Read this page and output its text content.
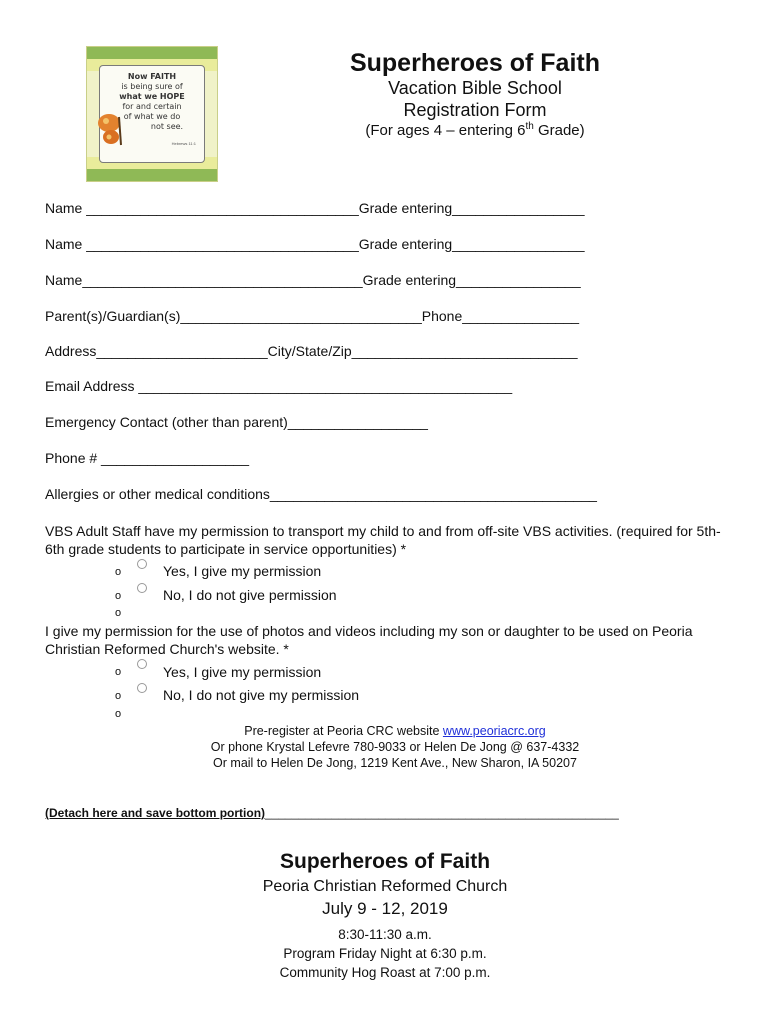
Now FAITH
is being sure of
what we HOPE
for and certain
of what we do
not see.
Hebrews 11:1
Superheroes of Faith
Vacation Bible School
Registration Form
(For ages 4 – entering 6th Grade)
Name ___________________________________Grade entering_________________
Name ___________________________________Grade entering_________________
Name____________________________________Grade entering________________
Parent(s)/Guardian(s)_______________________________Phone_______________
Address______________________City/State/Zip_____________________________
Email Address ________________________________________________
Emergency Contact (other than parent)__________________
Phone # ___________________
Allergies or other medical conditions__________________________________________
VBS Adult Staff have my permission to transport my child to and from off-site VBS activities. (required for 5th-6th grade students to participate in service opportunities) *
o	Yes, I give my permission
o	No, I do not give permission
o
I give my permission for the use of photos and videos including my son or daughter to be used on Peoria Christian Reformed Church's website. *
o	Yes, I give my permission
o	No, I do not give my permission
o
Pre-register at Peoria CRC website www.peoriacrc.org
Or phone Krystal Lefevre 780-9033 or Helen De Jong @ 637-4332
Or mail to Helen De Jong, 1219 Kent Ave., New Sharon, IA 50207
(Detach here and save bottom portion)_____________________________________________________
Superheroes of Faith
Peoria Christian Reformed Church
July 9 - 12, 2019
8:30-11:30 a.m.
Program Friday Night at 6:30 p.m.
Community Hog Roast at 7:00 p.m.
